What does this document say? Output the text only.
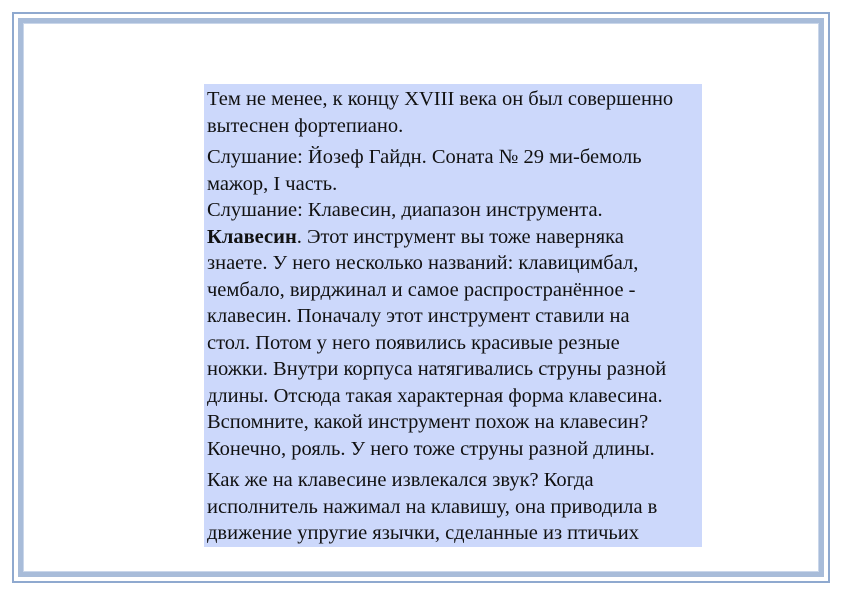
Тем не менее, к концу XVIII века он был совершенно
вытеснен фортепиано.

Слушание: Йозеф Гайдн. Соната № 29 ми-бемоль
мажор, I часть.

Слушание: Клавесин, диапазон инструмента.

Клавесин. Этот инструмент вы тоже наверняка
знаете. У него несколько названий: клавицимбал,
чембало, вирджинал и самое распространённое -
клавесин. Поначалу этот инструмент ставили на
стол. Потом у него появились красивые резные
ножки. Внутри корпуса натягивались струны разной
длины. Отсюда такая характерная форма клавесина.
Вспомните, какой инструмент похож на клавесин?
Конечно, рояль. У него тоже струны разной длины.

Как же на клавесине извлекался звук? Когда
исполнитель нажимал на клавишу, она приводила в
движение упругие язычки, сделанные из птичьих
